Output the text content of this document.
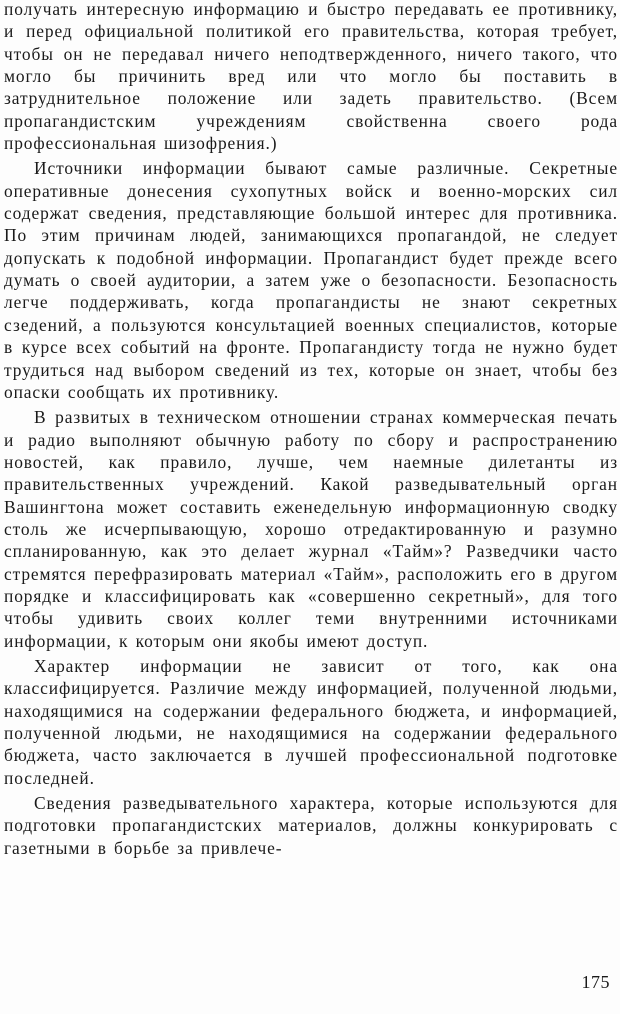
получать интересную информацию и быстро передавать ее противнику, и перед официальной политикой его правительства, которая требует, чтобы он не передавал ничего неподтвержденного, ничего такого, что могло бы причинить вред или что могло бы поставить в затруднительное положение или задеть правительство. (Всем пропагандистским учреждениям свойственна своего рода профессиональная шизофрения.)

Источники информации бывают самые различные. Секретные оперативные донесения сухопутных войск и военно-морских сил содержат сведения, представляющие большой интерес для противника. По этим причинам людей, занимающихся пропагандой, не следует допускать к подобной информации. Пропагандист будет прежде всего думать о своей аудитории, а затем уже о безопасности. Безопасность легче поддерживать, когда пропагандисты не знают секретных сзедений, а пользуются консультацией военных специалистов, которые в курсе всех событий на фронте. Пропагандисту тогда не нужно будет трудиться над выбором сведений из тех, которые он знает, чтобы без опаски сообщать их противнику.

В развитых в техническом отношении странах коммерческая печать и радио выполняют обычную работу по сбору и распространению новостей, как правило, лучше, чем наемные дилетанты из правительственных учреждений. Какой разведывательный орган Вашингтона может составить еженедельную информационную сводку столь же исчерпывающую, хорошо отредактированную и разумно спланированную, как это делает журнал «Тайм»? Разведчики часто стремятся перефразировать материал «Тайм», расположить его в другом порядке и классифицировать как «совершенно секретный», для того чтобы удивить своих коллег теми внутренними источниками информации, к которым они якобы имеют доступ.

Характер информации не зависит от того, как она классифицируется. Различие между информацией, полученной людьми, находящимися на содержании федерального бюджета, и информацией, полученной людьми, не находящимися на содержании федерального бюджета, часто заключается в лучшей профессиональной подготовке последней.

Сведения разведывательного характера, которые используются для подготовки пропагандистских материалов, должны конкурировать с газетными в борьбе за привлече-

175
